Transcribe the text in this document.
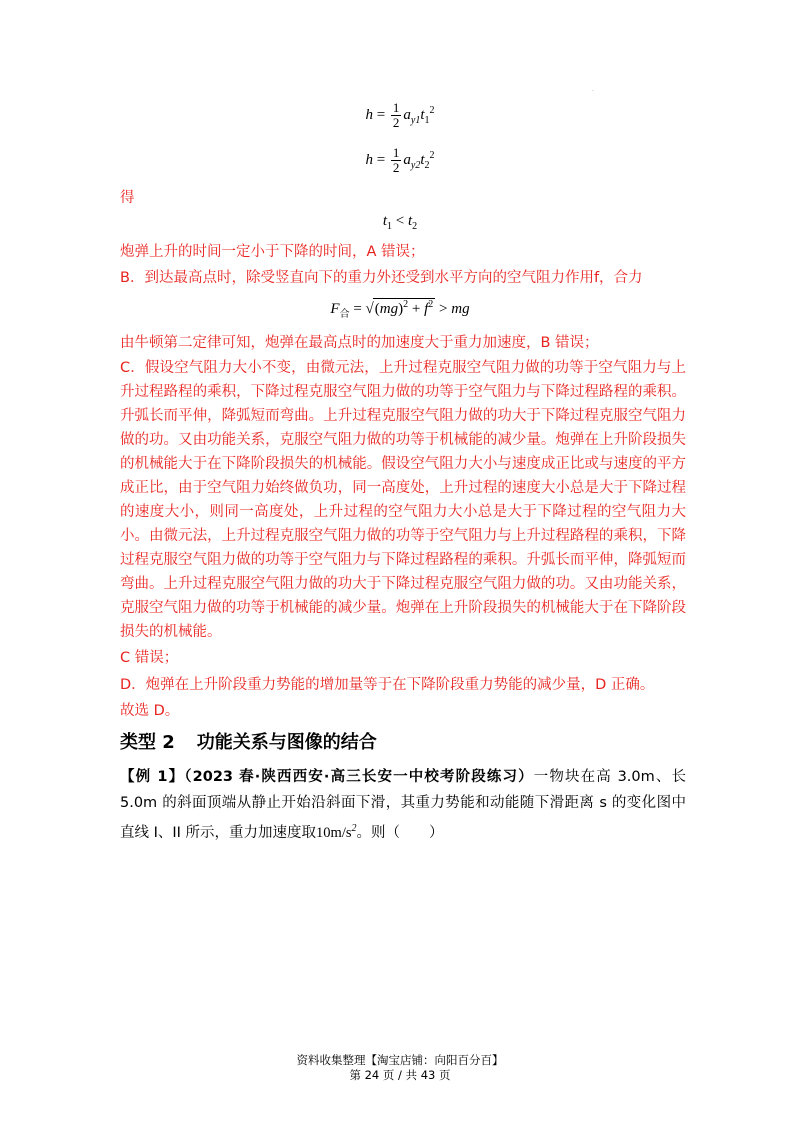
·
$h = \frac{1}{2} a_{y1}t_1^2$
$h = \frac{1}{2} a_{y2}t_2^2$

得

$t_1 < t_2$

炮弹上升的时间一定小于下降的时间，A 错误；

B．到达最高点时，除受竖直向下的重力外还受到水平方向的空气阻力作用f，合力

$F_合 = √(mg)^2 + f^2$ > mg

由牛顿第二定律可知，炮弹在最高点时的加速度大于重力加速度，B 错误；

C．假设空气阻力大小不变，由微元法，上升过程克服空气阻力做的功等于空气阻力与上升过程路程的乘积，下降过程克服空气阻力做的功等于空气阻力与下降过程路程的乘积。升弧长而平伸，降弧短而弯曲。上升过程克服空气阻力做的功大于下降过程克服空气阻力做的功。又由功能关系，克服空气阻力做的功等于机械能的减少量。炮弹在上升阶段损失的机械能大于在下降阶段损失的机械能。假设空气阻力大小与速度成正比或与速度的平方成正比，由于空气阻力始终做负功，同一高度处，上升过程的速度大小总是大于下降过程的速度大小，则同一高度处，上升过程的空气阻力大小总是大于下降过程的空气阻力大小。由微元法，上升过程克服空气阻力做的功等于空气阻力与上升过程路程的乘积，下降过程克服空气阻力做的功等于空气阻力与下降过程路程的乘积。升弧长而平伸，降弧短而弯曲。上升过程克服空气阻力做的功大于下降过程克服空气阻力做的功。又由功能关系，克服空气阻力做的功等于机械能的减少量。炮弹在上升阶段损失的机械能大于在下降阶段损失的机械能。

C 错误；

D．炮弹在上升阶段重力势能的增加量等于在下降阶段重力势能的减少量，D 正确。

故选 D。

类型 2 功能关系与图像的结合
【例 1】（2023 春·陕西西安·高三长安一中校考阶段练习）一物块在高 3.0m、长 5.0m 的斜面顶端从静止开始沿斜面下滑，其重力势能和动能随下滑距离 s 的变化图中直线 I、II 所示，重力加速度取$10m/s^2$。则（　　）
资料收集整理【淘宝店铺：向阳百分百】
第 24 页 / 共 43 页
